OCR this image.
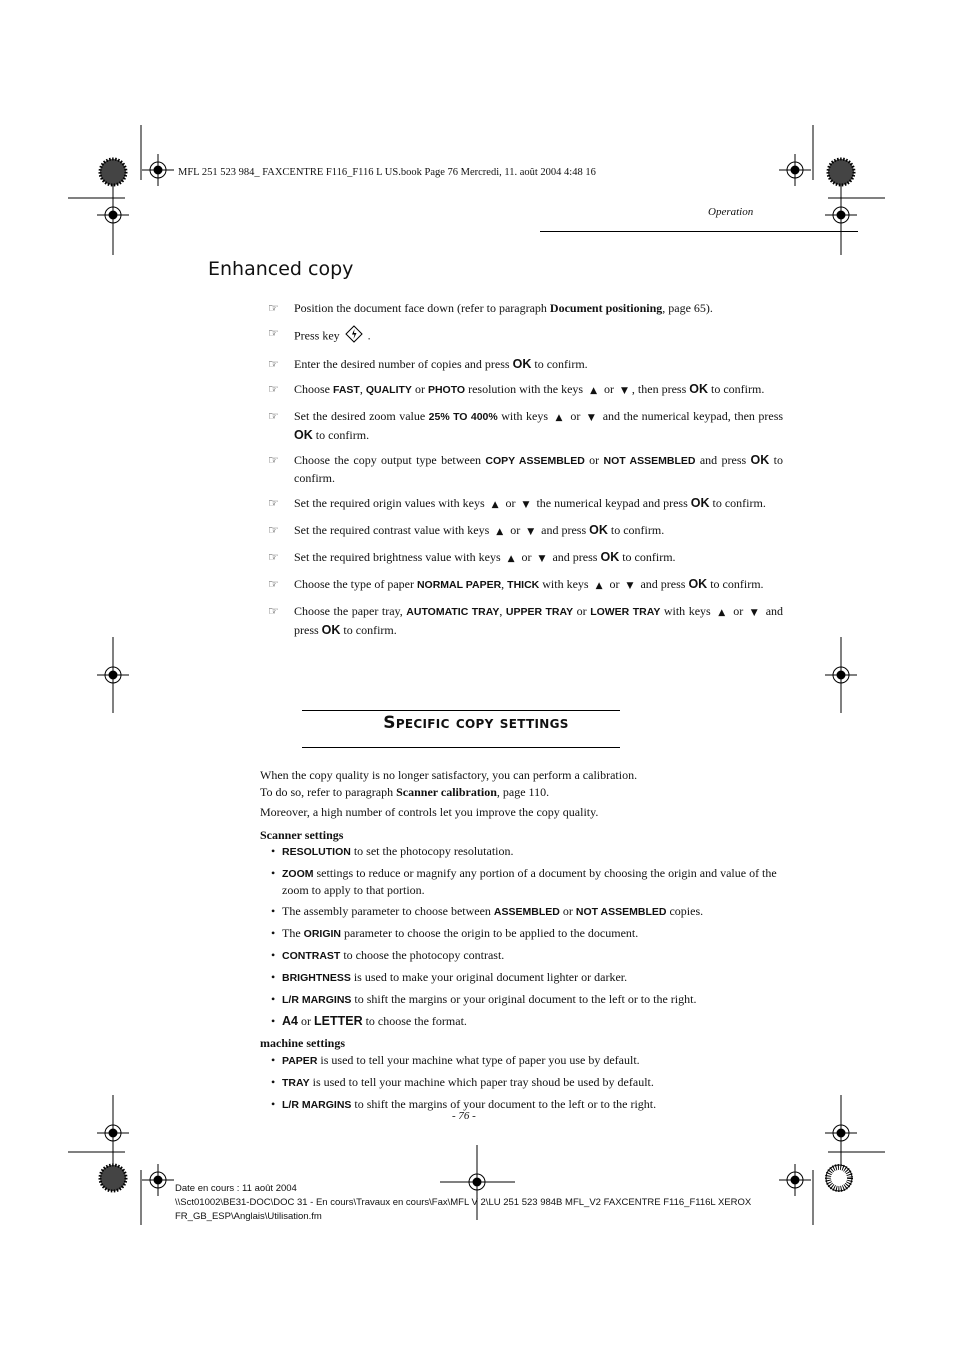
MFL 251 523 984_ FAXCENTRE F116_F116 L US.book Page 76 Mercredi, 11. août 2004 4:48 16
Operation
Enhanced copy
☞ Position the document face down (refer to paragraph Document positioning, page 65).
☞ Press key  .
☞ Enter the desired number of copies and press OK to confirm.
☞ Choose FAST, QUALITY or PHOTO resolution with the keys ▲ or ▼ , then press OK to confirm.
☞ Set the desired zoom value 25% TO 400% with keys ▲ or ▼ and the numerical keypad, then press OK to confirm.
☞ Choose the copy output type between COPY ASSEMBLED or NOT ASSEMBLED and press OK to confirm.
☞ Set the required origin values with keys ▲ or ▼ the numerical keypad and press OK to confirm.
☞ Set the required contrast value with keys ▲ or ▼ and press OK to confirm.
☞ Set the required brightness value with keys ▲ or ▼ and press OK to confirm.
☞ Choose the type of paper NORMAL PAPER, THICK with keys ▲ or ▼ and press OK to confirm.
☞ Choose the paper tray, AUTOMATIC TRAY, UPPER TRAY or LOWER TRAY with keys ▲ or ▼ and press OK to confirm.
Specific copy settings

When the copy quality is no longer satisfactory, you can perform a calibration.

To do so, refer to paragraph Scanner calibration, page 110.

Moreover, a high number of controls let you improve the copy quality.

Scanner settings

• RESOLUTION to set the photocopy resolutation.
• ZOOM settings to reduce or magnify any portion of a document by choosing the origin and value of the zoom to apply to that portion.
• The assembly parameter to choose between ASSEMBLED or NOT ASSEMBLED copies.
• The ORIGIN parameter to choose the origin to be applied to the document.
• CONTRAST to choose the photocopy contrast.
• BRIGHTNESS is used to make your original document lighter or darker.
• L/R MARGINS to shift the margins or your original document to the left or to the right.
• A4 or LETTER to choose the format.

machine settings

• PAPER is used to tell your machine what type of paper you use by default.
• TRAY is used to tell your machine which paper tray shoud be used by default.
• L/R MARGINS to shift the margins of your document to the left or to the right.
- 76 -
Date en cours : 11 août 2004
\\Sct01002\BE31-DOC\DOC 31 - En cours\Travaux en cours\Fax\MFL V 2\LU 251 523 984B MFL_V2 FAXCENTRE F116_F116L XEROX
FR_GB_ESP\Anglais\Utilisation.fm
